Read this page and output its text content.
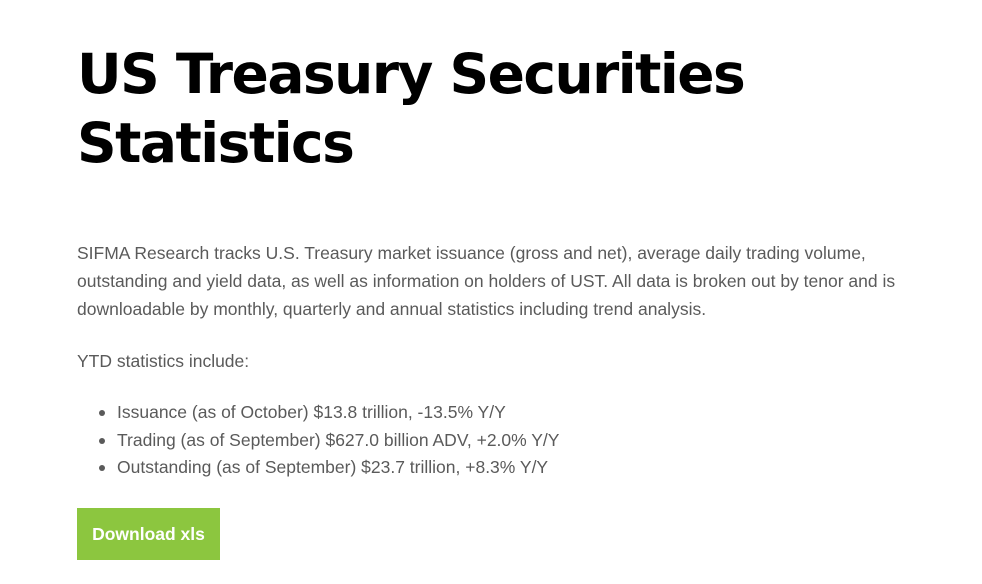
US Treasury Securities
Statistics

SIFMA Research tracks U.S. Treasury market issuance (gross and net), average daily trading volume, outstanding and yield data, as well as information on holders of UST. All data is broken out by tenor and is downloadable by monthly, quarterly and annual statistics including trend analysis.

YTD statistics include:

Issuance (as of October) $13.8 trillion, -13.5% Y/Y
Trading (as of September) $627.0 billion ADV, +2.0% Y/Y
Outstanding (as of September) $23.7 trillion, +8.3% Y/Y
Download xls
